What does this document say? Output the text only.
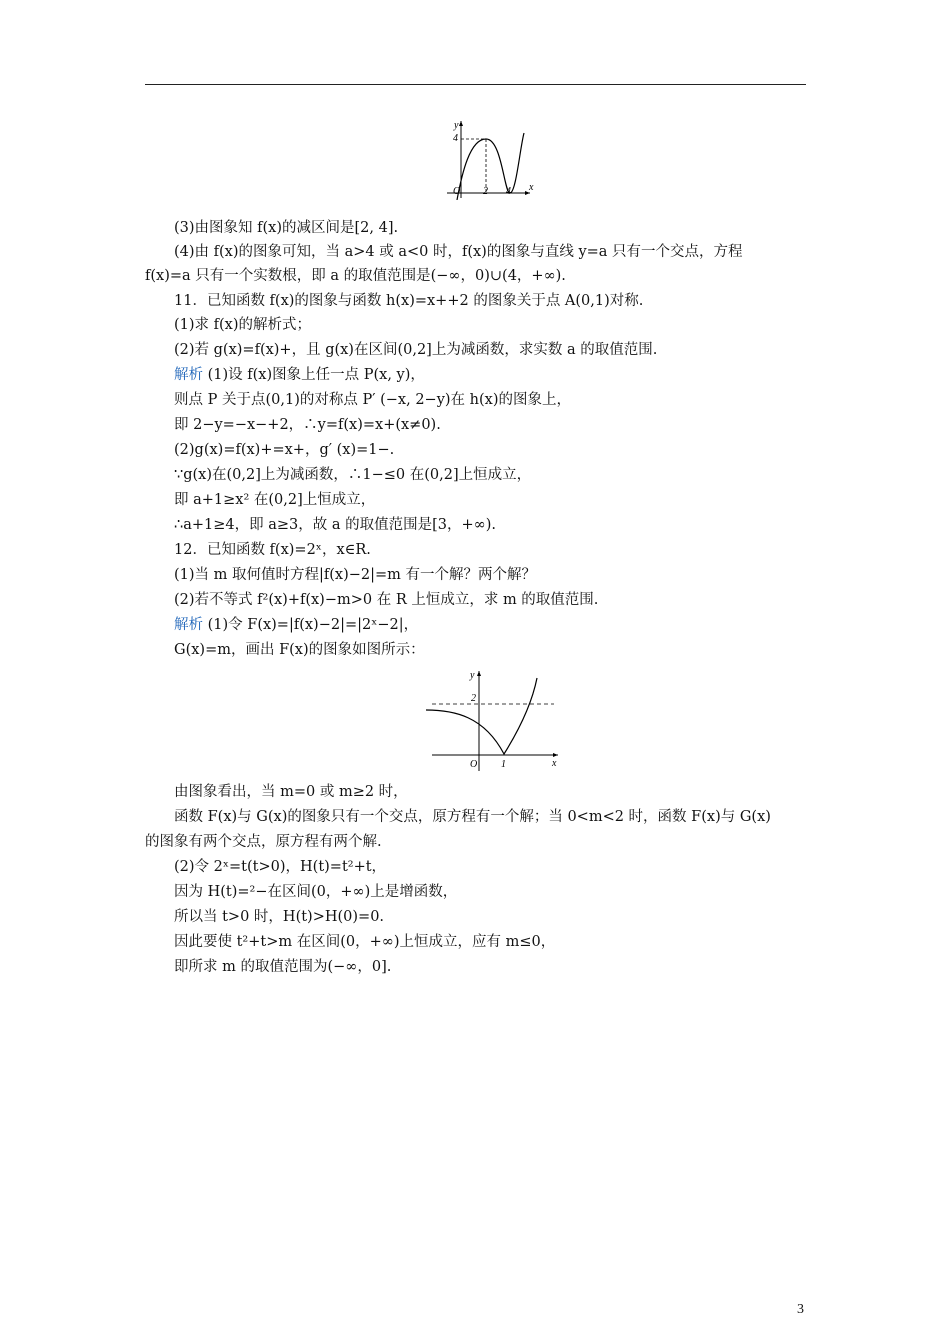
y
x
4
O 2 4
(3)由图象知 f(x)的减区间是[2, 4].
(4)由 f(x)的图象可知，当 a>4 或 a<0 时，f(x)的图象与直线 y=a 只有一个交点，方程
f(x)=a 只有一个实数根，即 a 的取值范围是(−∞，0)∪(4，+∞).
11．已知函数 f(x)的图象与函数 h(x)=x++2 的图象关于点 A(0,1)对称.
(1)求 f(x)的解析式；
(2)若 g(x)=f(x)+，且 g(x)在区间(0,2]上为减函数，求实数 a 的取值范围.
解析 (1)设 f(x)图象上任一点 P(x, y)，
则点 P 关于点(0,1)的对称点 P′ (−x, 2−y)在 h(x)的图象上，
即 2−y=−x−+2，∴y=f(x)=x+(x≠0).
(2)g(x)=f(x)+=x+，g′ (x)=1−.
∵g(x)在(0,2]上为减函数，∴1−≤0 在(0,2]上恒成立，
即 a+1≥x² 在(0,2]上恒成立，
∴a+1≥4，即 a≥3，故 a 的取值范围是[3，+∞).
12．已知函数 f(x)=2ˣ，x∈R.
(1)当 m 取何值时方程|f(x)−2|=m 有一个解？两个解？
(2)若不等式 f²(x)+f(x)−m>0 在 R 上恒成立，求 m 的取值范围.
解析 (1)令 F(x)=|f(x)−2|=|2ˣ−2|，
G(x)=m，画出 F(x)的图象如图所示：
y
x
2
O 1
由图象看出，当 m=0 或 m≥2 时，
函数 F(x)与 G(x)的图象只有一个交点，原方程有一个解；当 0<m<2 时，函数 F(x)与 G(x)
的图象有两个交点，原方程有两个解.
(2)令 2ˣ=t(t>0)，H(t)=t²+t，
因为 H(t)=²−在区间(0，+∞)上是增函数，
所以当 t>0 时，H(t)>H(0)=0.
因此要使 t²+t>m 在区间(0，+∞)上恒成立，应有 m≤0，
即所求 m 的取值范围为(−∞，0].
3
